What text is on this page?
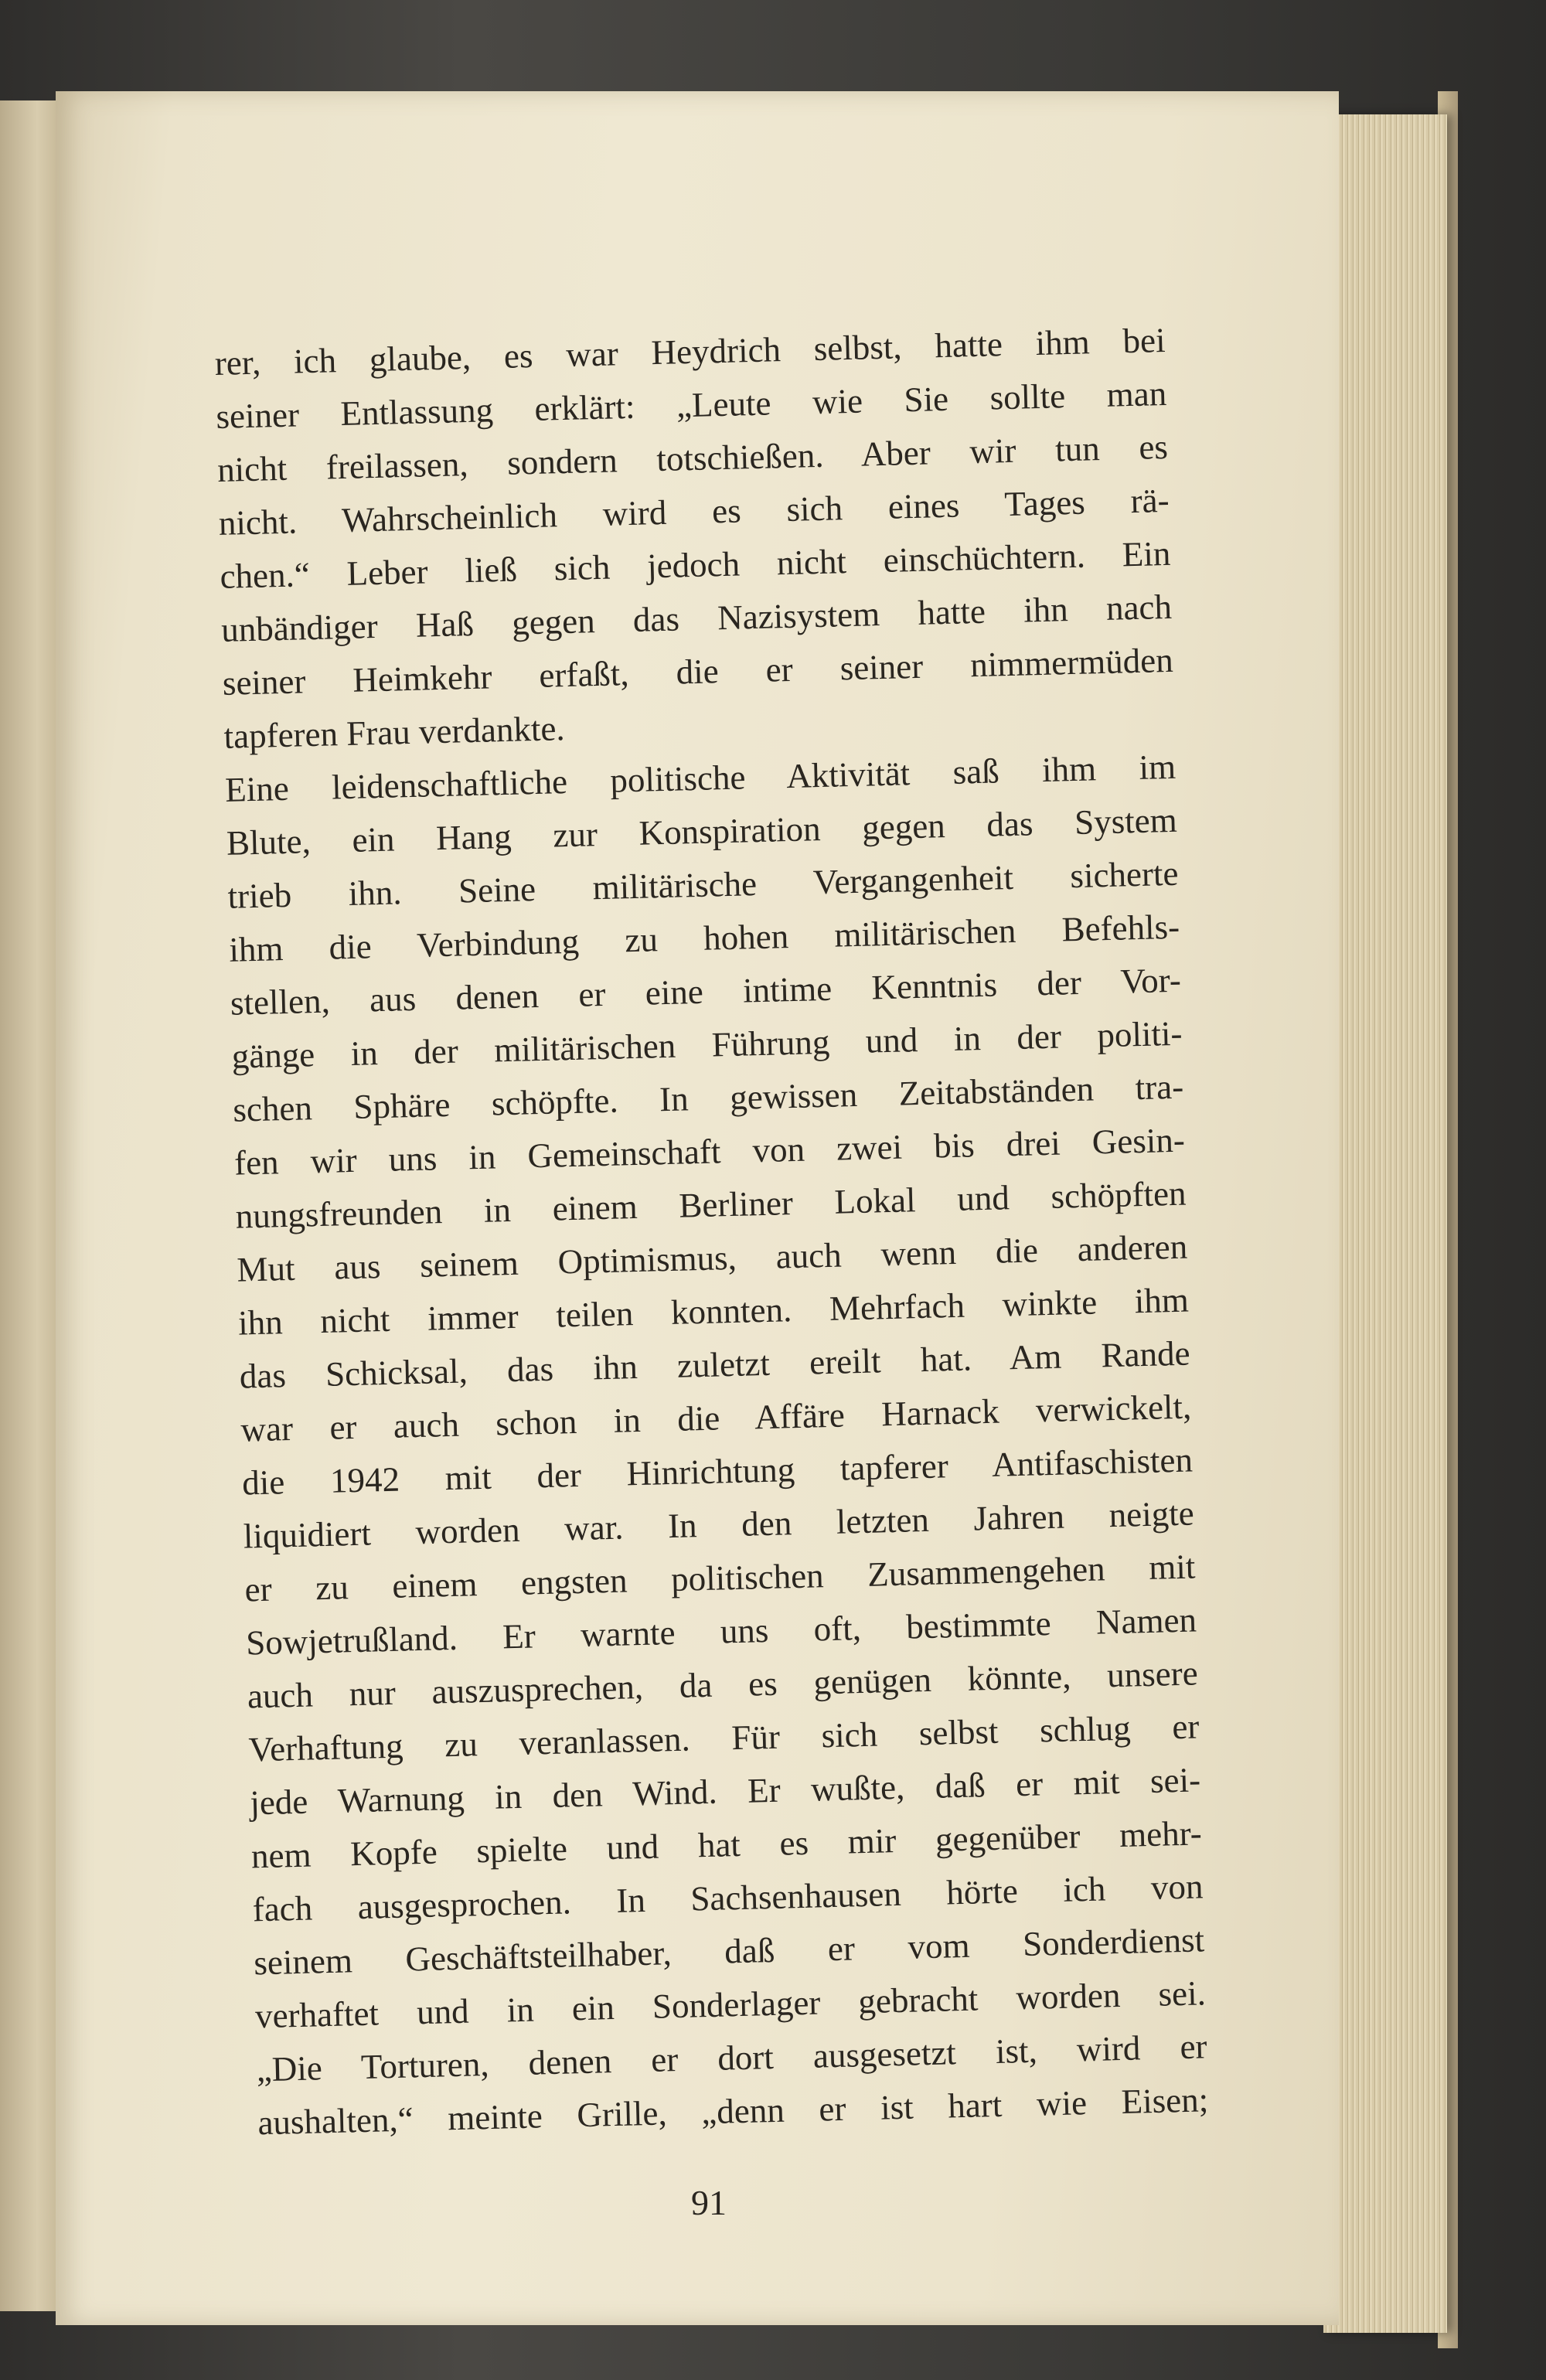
rer, ich glaube, es war Heydrich selbst, hatte ihm bei
seiner Entlassung erklärt: „Leute wie Sie sollte man
nicht freilassen, sondern totschießen. Aber wir tun es
nicht. Wahrscheinlich wird es sich eines Tages rä-
chen.“ Leber ließ sich jedoch nicht einschüchtern. Ein
unbändiger Haß gegen das Nazisystem hatte ihn nach
seiner Heimkehr erfaßt, die er seiner nimmermüden
tapferen Frau verdankte.
Eine leidenschaftliche politische Aktivität saß ihm im
Blute, ein Hang zur Konspiration gegen das System
trieb ihn. Seine militärische Vergangenheit sicherte
ihm die Verbindung zu hohen militärischen Befehls-
stellen, aus denen er eine intime Kenntnis der Vor-
gänge in der militärischen Führung und in der politi-
schen Sphäre schöpfte. In gewissen Zeitabständen tra-
fen wir uns in Gemeinschaft von zwei bis drei Gesin-
nungsfreunden in einem Berliner Lokal und schöpften
Mut aus seinem Optimismus, auch wenn die anderen
ihn nicht immer teilen konnten. Mehrfach winkte ihm
das Schicksal, das ihn zuletzt ereilt hat. Am Rande
war er auch schon in die Affäre Harnack verwickelt,
die 1942 mit der Hinrichtung tapferer Antifaschisten
liquidiert worden war. In den letzten Jahren neigte
er zu einem engsten politischen Zusammengehen mit
Sowjetrußland. Er warnte uns oft, bestimmte Namen
auch nur auszusprechen, da es genügen könnte, unsere
Verhaftung zu veranlassen. Für sich selbst schlug er
jede Warnung in den Wind. Er wußte, daß er mit sei-
nem Kopfe spielte und hat es mir gegenüber mehr-
fach ausgesprochen. In Sachsenhausen hörte ich von
seinem Geschäftsteilhaber, daß er vom Sonderdienst
verhaftet und in ein Sonderlager gebracht worden sei.
„Die Torturen, denen er dort ausgesetzt ist, wird er
aushalten,“ meinte Grille, „denn er ist hart wie Eisen;
91
